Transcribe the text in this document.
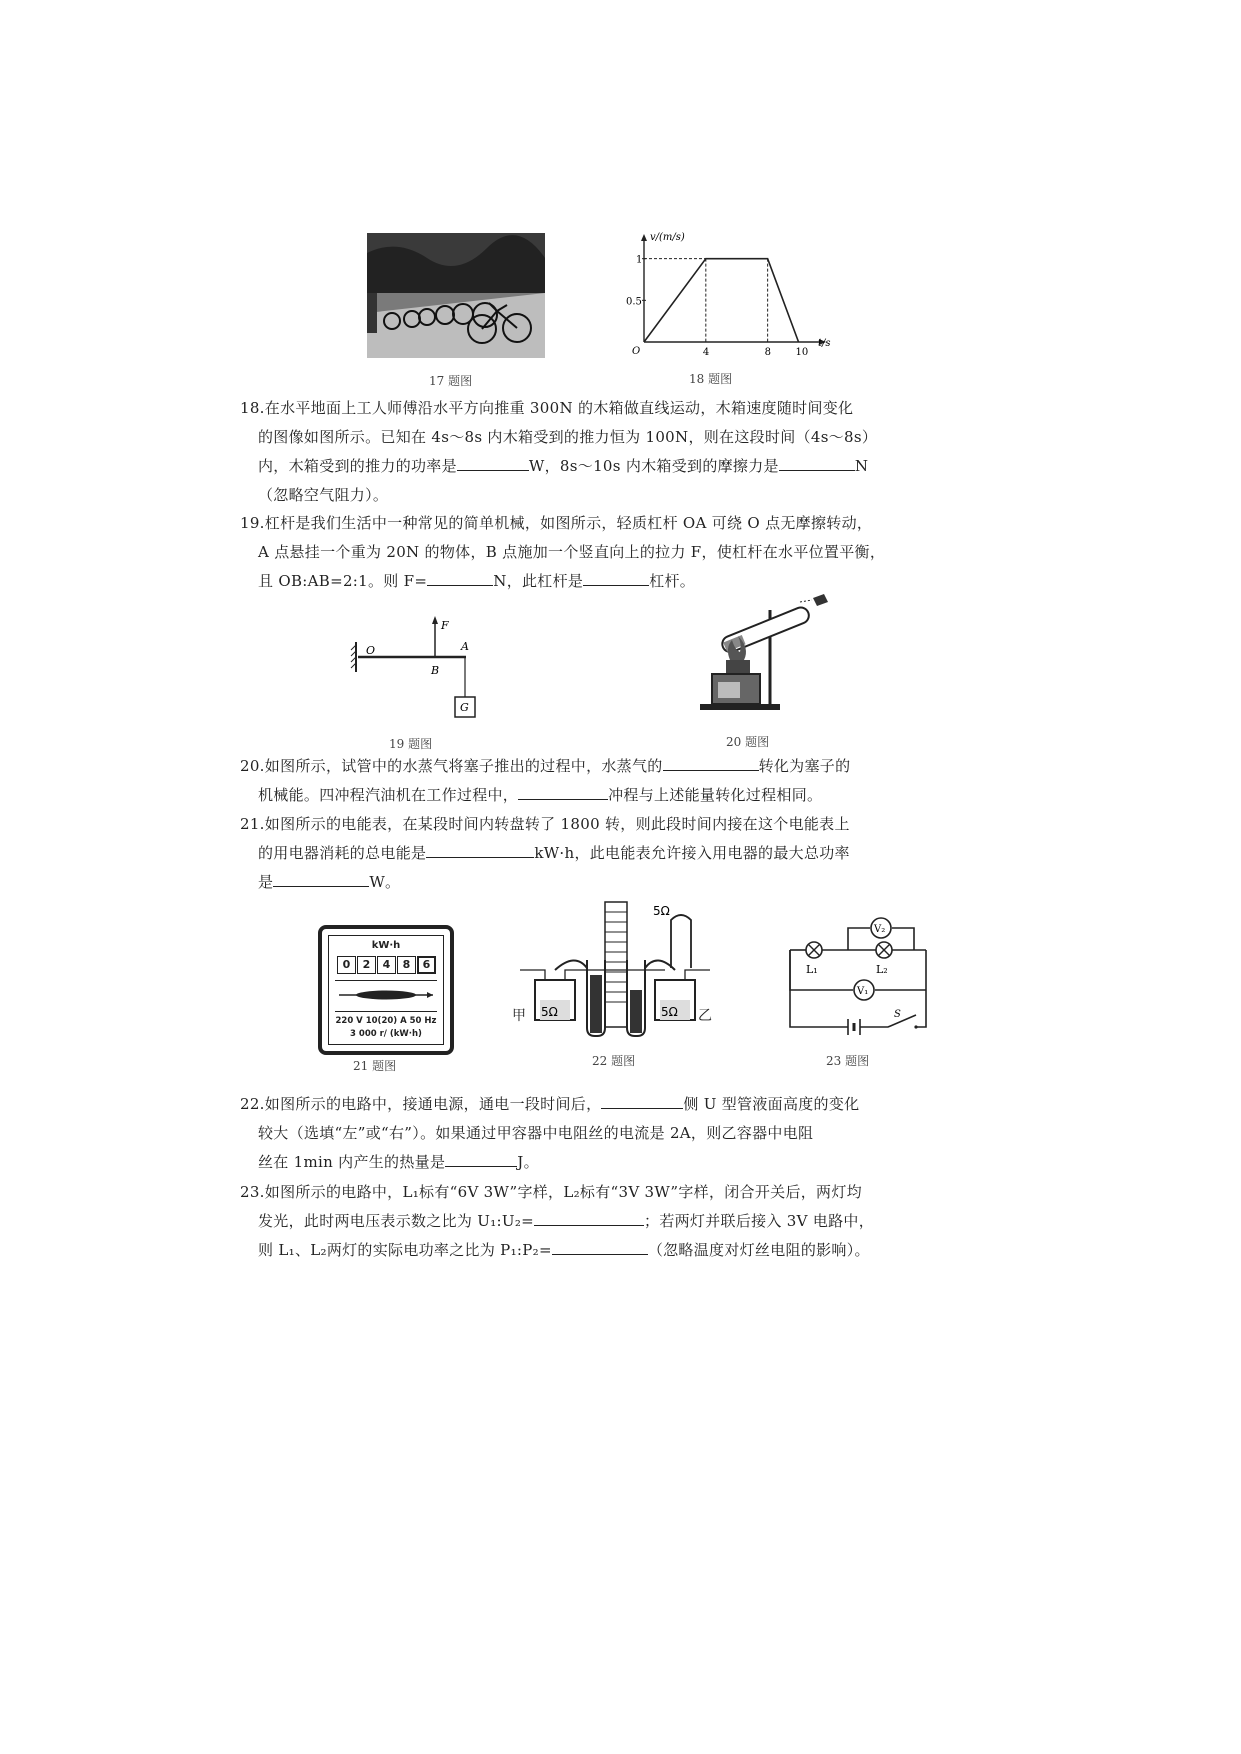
17 题图
v/(m/s)
t/s
O	4	8 10
1
0.5
18 题图
18.在水平地面上工人师傅沿水平方向推重 300N 的木箱做直线运动，木箱速度随时间变化
的图像如图所示。已知在 4s～8s 内木箱受到的推力恒为 100N，则在这段时间（4s～8s）
内，木箱受到的推力的功率是	W，8s～10s 内木箱受到的摩擦力是	N
（忽略空气阻力）。
19.杠杆是我们生活中一种常见的简单机械，如图所示，轻质杠杆 OA 可绕 O 点无摩擦转动，
A 点悬挂一个重为 20N 的物体，B 点施加一个竖直向上的拉力 F，使杠杆在水平位置平衡，
且 OB:AB=2:1。则 F=	N，此杠杆是	杠杆。
O
F
A
B
G
19 题图	20 题图
20.如图所示，试管中的水蒸气将塞子推出的过程中，水蒸气的	转化为塞子的
机械能。四冲程汽油机在工作过程中，	冲程与上述能量转化过程相同。
21.如图所示的电能表，在某段时间内转盘转了 1800 转，则此段时间内接在这个电能表上
的用电器消耗的总电能是	kW·h，此电能表允许接入用电器的最大总功率
是	W。
kW·h
0	2	4	8	6
220 V 10(20) A 50 Hz
3 000 r/ (kW·h)
21 题图
5Ω	5Ω
5Ω
甲	乙
22 题图
V₂
V₁
L₁	L₂
S
23 题图
22.如图所示的电路中，接通电源，通电一段时间后，	侧 U 型管液面高度的变化
较大（选填“左”或“右”）。如果通过甲容器中电阻丝的电流是 2A，则乙容器中电阻
丝在 1min 内产生的热量是	J。
23.如图所示的电路中，L₁标有“6V 3W”字样，L₂标有“3V 3W”字样，闭合开关后，两灯均
发光，此时两电压表示数之比为 U₁:U₂=	；若两灯并联后接入 3V 电路中，
则 L₁、L₂两灯的实际电功率之比为 P₁:P₂=	（忽略温度对灯丝电阻的影响）。
